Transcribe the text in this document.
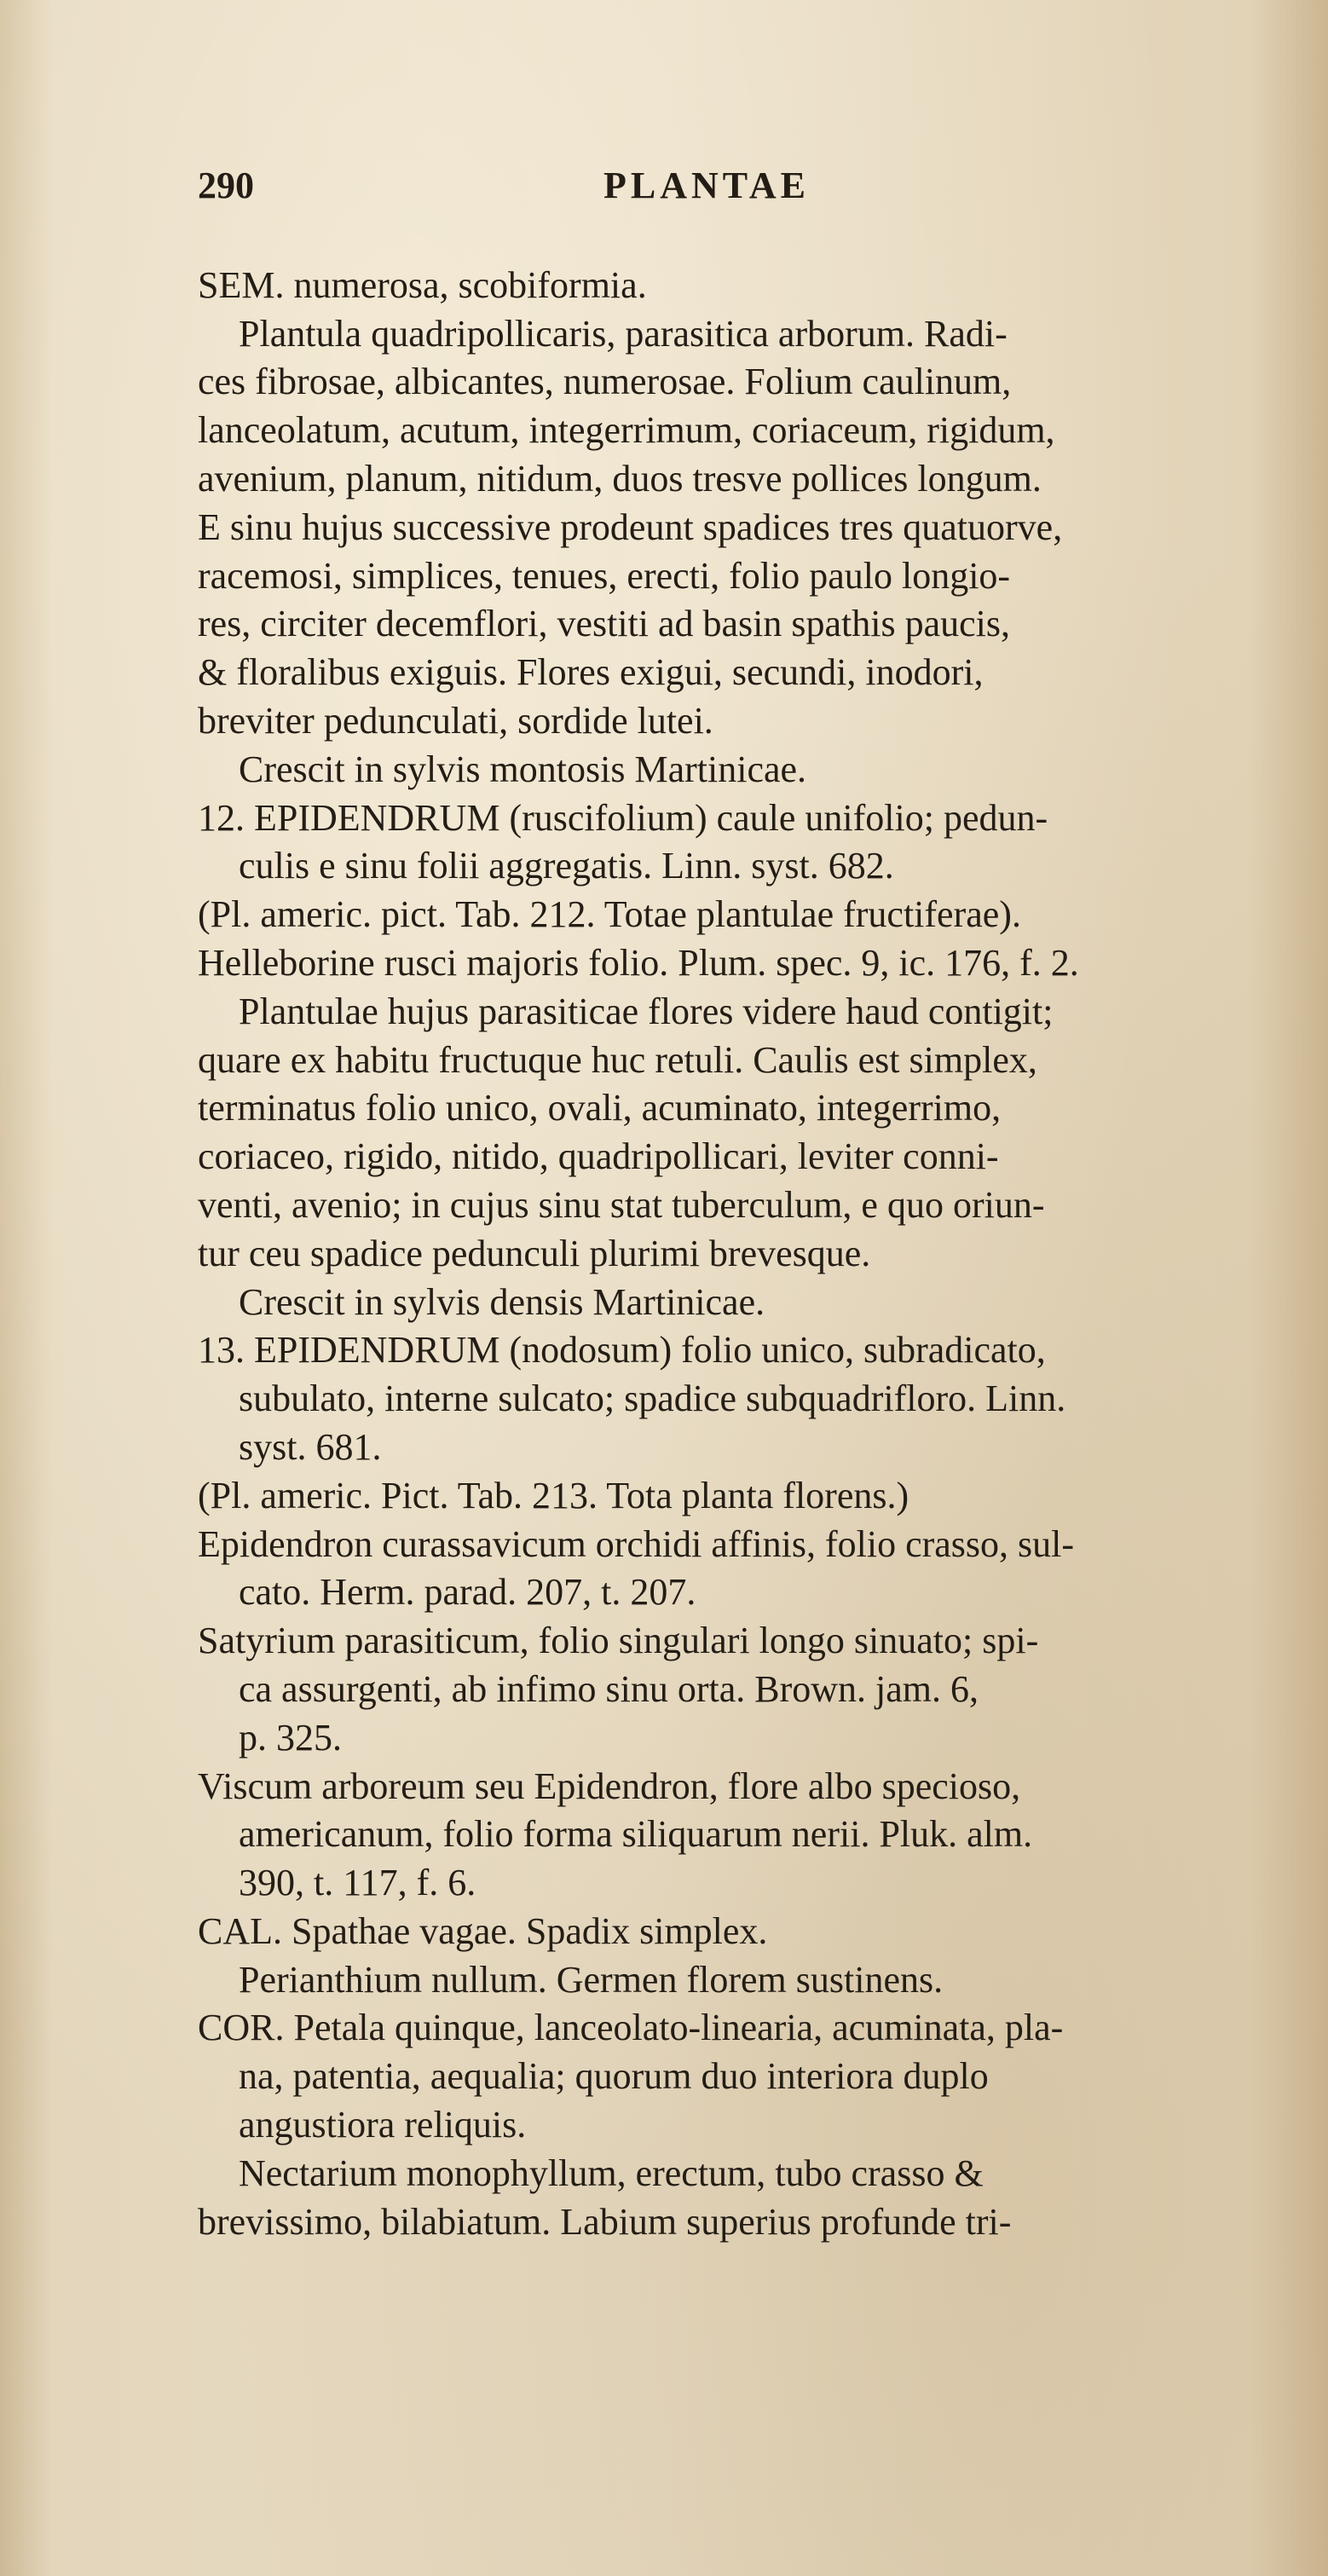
290	PLANTAE
SEM. numerosa, scobiformia.
Plantula quadripollicaris, parasitica arborum. Radi-
ces fibrosae, albicantes, numerosae. Folium caulinum,
lanceolatum, acutum, integerrimum, coriaceum, rigidum,
avenium, planum, nitidum, duos tresve pollices longum.
E sinu hujus successive prodeunt spadices tres quatuorve,
racemosi, simplices, tenues, erecti, folio paulo longio-
res, circiter decemflori, vestiti ad basin spathis paucis,
& floralibus exiguis. Flores exigui, secundi, inodori,
breviter pedunculati, sordide lutei.
Crescit in sylvis montosis Martinicae.
12. EPIDENDRUM (ruscifolium) caule unifolio; pedun-
culis e sinu folii aggregatis. Linn. syst. 682.
(Pl. americ. pict. Tab. 212. Totae plantulae fructiferae).
Helleborine rusci majoris folio. Plum. spec. 9, ic. 176, f. 2.
Plantulae hujus parasiticae flores videre haud contigit;
quare ex habitu fructuque huc retuli. Caulis est simplex,
terminatus folio unico, ovali, acuminato, integerrimo,
coriaceo, rigido, nitido, quadripollicari, leviter conni-
venti, avenio; in cujus sinu stat tuberculum, e quo oriun-
tur ceu spadice pedunculi plurimi brevesque.
Crescit in sylvis densis Martinicae.
13. EPIDENDRUM (nodosum) folio unico, subradicato,
subulato, interne sulcato; spadice subquadrifloro. Linn.
syst. 681.
(Pl. americ. Pict. Tab. 213. Tota planta florens.)
Epidendron curassavicum orchidi affinis, folio crasso, sul-
cato. Herm. parad. 207, t. 207.
Satyrium parasiticum, folio singulari longo sinuato; spi-
ca assurgenti, ab infimo sinu orta. Brown. jam. 6,
p. 325.
Viscum arboreum seu Epidendron, flore albo specioso,
americanum, folio forma siliquarum nerii. Pluk. alm.
390, t. 117, f. 6.
CAL. Spathae vagae. Spadix simplex.
Perianthium nullum. Germen florem sustinens.
COR. Petala quinque, lanceolato-linearia, acuminata, pla-
na, patentia, aequalia; quorum duo interiora duplo
angustiora reliquis.
Nectarium monophyllum, erectum, tubo crasso &
brevissimo, bilabiatum. Labium superius profunde tri-
